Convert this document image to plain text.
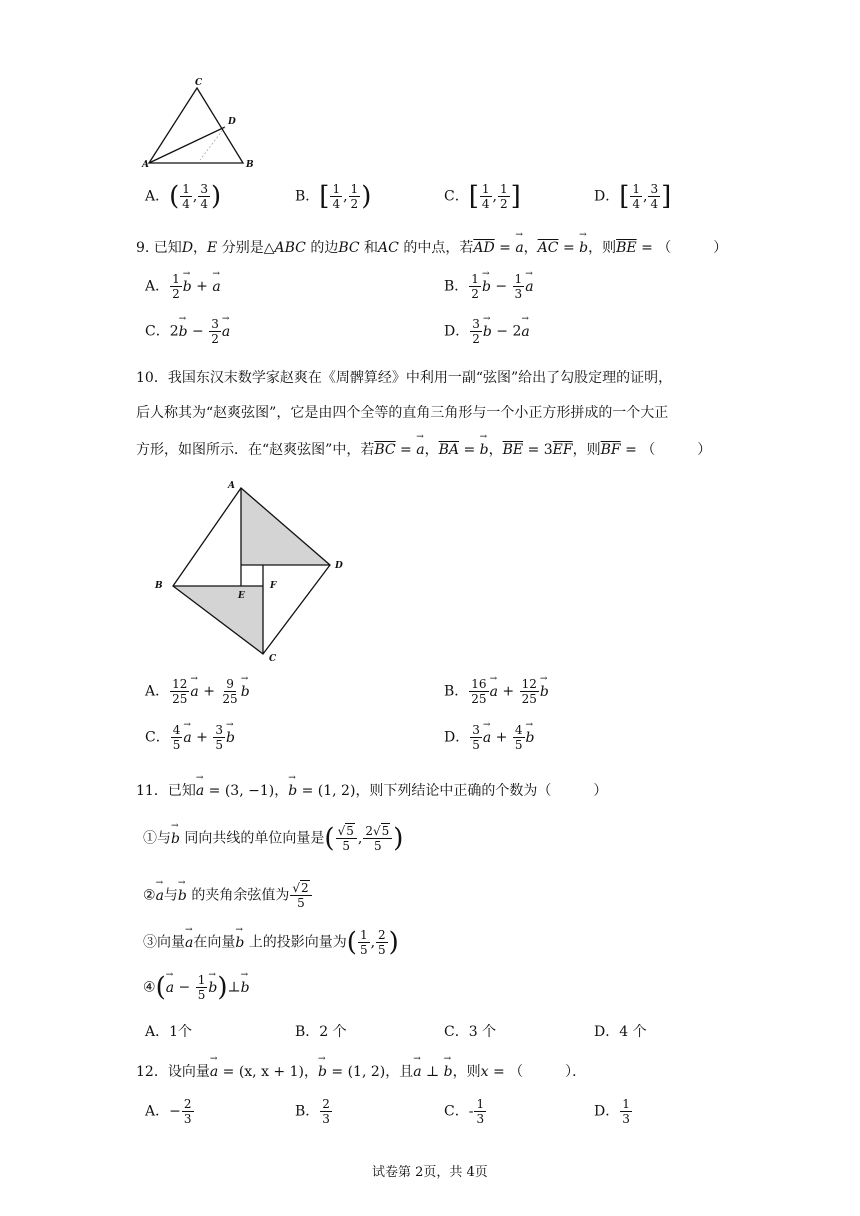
C
D
A	B
A．( $\frac{1}{4}$ , $\frac{3}{4}$ )	B．[ $\frac{1}{4}$ , $\frac{1}{2}$ )	C．[ $\frac{1}{4}$ , $\frac{1}{2}$ ]	D．[ $\frac{1}{4}$ , $\frac{3}{4}$ ]
9. 已知D，E 分别是△ABC 的边BC 和AC 的中点，若$\overline{AD}$ = → a，$\overline{AC}$ = → b，则$\overline{BE}$ = （　　　）
A． $\frac{1}{2} \to b$ + → a	B． $\frac{1}{2} \to b - \frac{1}{3} \to a$
C．$2\to b - \frac{3}{2} \to a$	D． $\frac{3}{2} \to b - 2\to a$
10．我国东汉末数学家赵爽在《周髀算经》中利用一副“弦图”给出了勾股定理的证明，
后人称其为“赵爽弦图”，它是由四个全等的直角三角形与一个小正方形拼成的一个大正
方形，如图所示．在“赵爽弦图”中，若$\overline{BC}$ = → a，$\overline{BA}$ = → b，$\overline{BE} = 3\overline{EF}$，则$\overline{BF}$ = （　　　）
A
D
B
E
F
C
A． $\frac{12}{25} \to a + \frac{9}{25} \to b$	B． $\frac{16}{25} \to a + \frac{12}{25} \to b$
C． $\frac{4}{5} \to a + \frac{3}{5} \to b$	D． $\frac{3}{5} \to a + \frac{4}{5} \to b$
11．已知→ a = (3, −1)，→ b = (1, 2)，则下列结论中正确的个数为（　　　）
①与→ b 同向共线的单位向量是( $\frac{√5}{5}$ , $\frac{2√5}{5}$ )
②→ a与→ b 的夹角余弦值为 $\frac{√2}{5}$
③向量→ a在向量→ b 上的投影向量为( $\frac{1}{5}$ , $\frac{2}{5}$ )
④(→ $a - \frac{1}{5}$ → b)⊥→ b
A．1个	B．2 个	C．3 个	D．4 个
12．设向量→ a = (x, x + 1)，→ b = (1, 2)，且→ a ⊥ → b，则x = （　　　）．
A．− $\frac{2}{3}$	B． $\frac{2}{3}$	C．- $\frac{1}{3}$	D． $\frac{1}{3}$
试卷第 2页，共 4页
